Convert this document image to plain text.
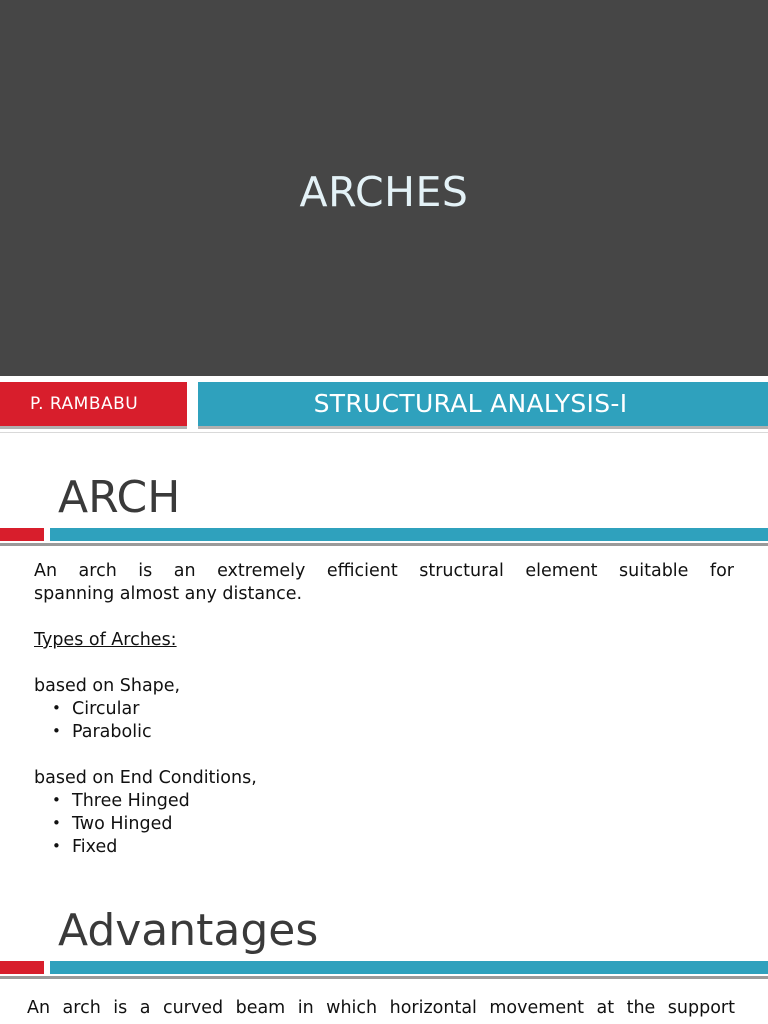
ARCHES
P. RAMBABU	STRUCTURAL ANALYSIS-I
ARCH
An arch is an extremely efficient structural element suitable for
spanning almost any distance.
Types of Arches:
based on Shape,
• Circular
• Parabolic
based on End Conditions,
• Three Hinged
• Two Hinged
• Fixed
Advantages
An arch is a curved beam in which horizontal movement at the support
